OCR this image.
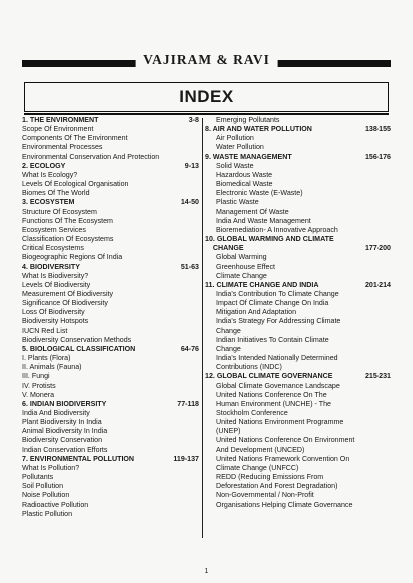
VAJIRAM & RAVI
INDEX
1. THE ENVIRONMENT	3-8
Scope Of Environment
Components Of The Environment
Environmental Processes
Environmental Conservation And Protection
2. ECOLOGY	9-13
What Is Ecology?
Levels Of Ecological Organisation
Biomes Of The World
3. ECOSYSTEM	14-50
Structure Of Ecosystem
Functions Of The Ecosystem
Ecosystem Services
Classification Of Ecosystems
Critical Ecosystems
Biogeographic Regions Of India
4. BIODIVERSITY	51-63
What Is Biodiversity?
Levels Of Biodiversity
Measurement Of Biodiversity
Significance Of Biodiversity
Loss Of Biodiversity
Biodiversity Hotspots
IUCN Red List
Biodiversity Conservation Methods
5. BIOLOGICAL CLASSIFICATION	64-76
I. Plants (Flora)
II. Animals (Fauna)
III. Fungi
IV. Protists
V. Monera
6. INDIAN BIODIVERSITY	77-118
India And Biodiversity
Plant Biodiversity In India
Animal Biodiversity In India
Biodiversity Conservation
Indian Conservation Efforts
7. ENVIRONMENTAL POLLUTION	119-137
What Is Pollution?
Pollutants
Soil Pollution
Noise Pollution
Radioactive Pollution
Plastic Pollution
Emerging Pollutants
8. AIR AND WATER POLLUTION	138-155
Air Pollution
Water Pollution
9. WASTE MANAGEMENT	156-176
Solid Waste
Hazardous Waste
Biomedical Waste
Electronic Waste (E-Waste)
Plastic Waste
Management Of Waste
India And Waste Management
Bioremediation- A Innovative Approach
10. GLOBAL WARMING AND CLIMATE
CHANGE	177-200
Global Warming
Greenhouse Effect
Climate Change
11. CLIMATE CHANGE AND INDIA	201-214
India's Contribution To Climate Change
Impact Of Climate Change On India
Mitigation And Adaptation
India's Strategy For Addressing Climate
Change
Indian Initiatives To Contain Climate
Change
India's Intended Nationally Determined
Contributions (INDC)
12. GLOBAL CLIMATE GOVERNANCE	215-231
Global Climate Governance Landscape
United Nations Conference On The
Human Environment (UNCHE) - The
Stockholm Conference
United Nations Environment Programme
(UNEP)
United Nations Conference On Environment
And Development (UNCED)
United Nations Framework Convention On
Climate Change (UNFCC)
REDD (Reducing Emissions From
Deforestation And Forest Degradation)
Non-Governmental / Non-Profit
Organisations Helping Climate Governance
1
